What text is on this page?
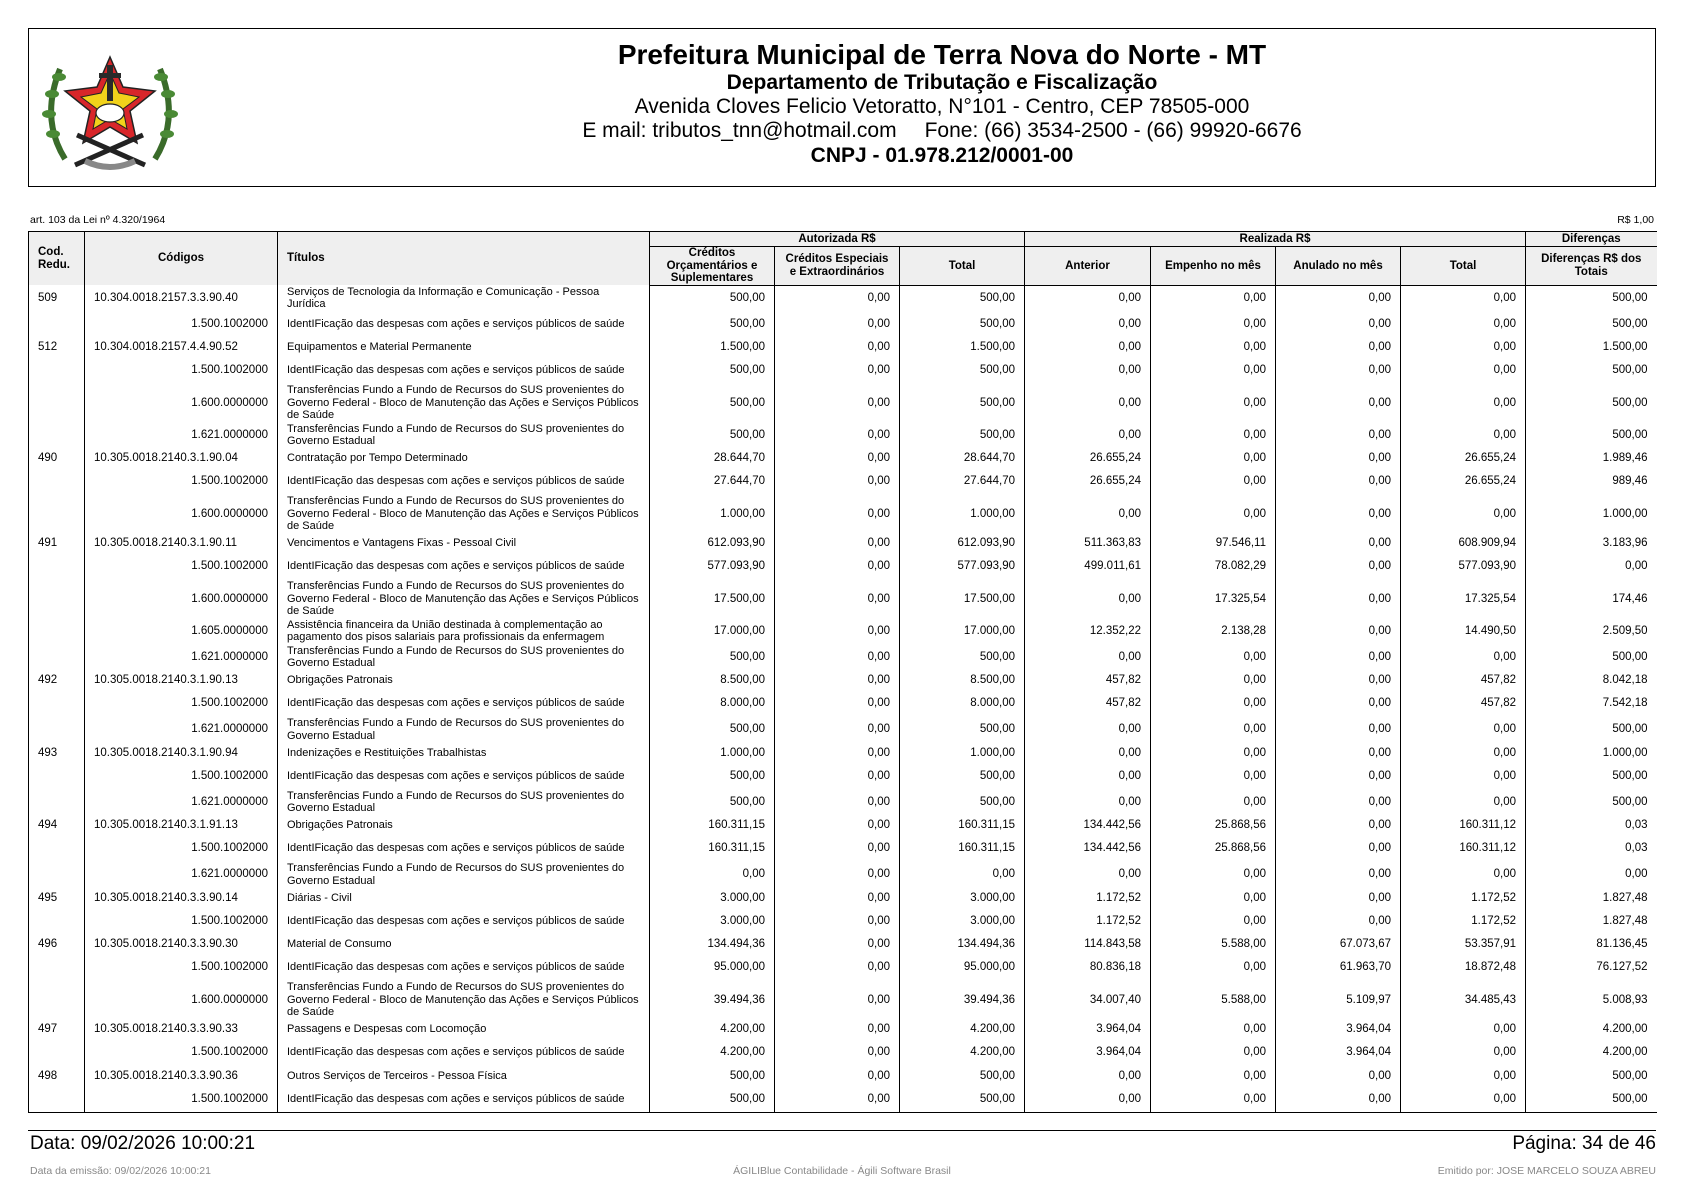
Prefeitura Municipal de Terra Nova do Norte - MT
Departamento de Tributação e Fiscalização
Avenida Cloves Felicio Vetoratto, N°101 - Centro, CEP 78505-000
E mail: tributos_tnn@hotmail.com Fone: (66) 3534-2500 - (66) 99920-6676
CNPJ - 01.978.212/0001-00
art. 103 da Lei nº 4.320/1964	R$ 1,00
Cod. Redu.	Códigos	Títulos	Autorizada R$			Realizada R$				Diferenças
			Créditos Orçamentários e Suplementares	Créditos Especiais e Extraordinários	Total	Anterior	Empenho no mês	Anulado no mês	Total	Diferenças R$ dos Totais
509	10.304.0018.2157.3.3.90.40	Serviços de Tecnologia da Informação e Comunicação - Pessoa Jurídica	500,00	0,00	500,00	0,00	0,00	0,00	0,00	500,00
	1.500.1002000	IdentIFicação das despesas com ações e serviços públicos de saúde	500,00	0,00	500,00	0,00	0,00	0,00	0,00	500,00
512	10.304.0018.2157.4.4.90.52	Equipamentos e Material Permanente	1.500,00	0,00	1.500,00	0,00	0,00	0,00	0,00	1.500,00
	1.500.1002000	IdentIFicação das despesas com ações e serviços públicos de saúde	500,00	0,00	500,00	0,00	0,00	0,00	0,00	500,00
	1.600.0000000	Transferências Fundo a Fundo de Recursos do SUS provenientes do Governo Federal - Bloco de Manutenção das Ações e Serviços Públicos de Saúde	500,00	0,00	500,00	0,00	0,00	0,00	0,00	500,00
	1.621.0000000	Transferências Fundo a Fundo de Recursos do SUS provenientes do Governo Estadual	500,00	0,00	500,00	0,00	0,00	0,00	0,00	500,00
490	10.305.0018.2140.3.1.90.04	Contratação por Tempo Determinado	28.644,70	0,00	28.644,70	26.655,24	0,00	0,00	26.655,24	1.989,46
	1.500.1002000	IdentIFicação das despesas com ações e serviços públicos de saúde	27.644,70	0,00	27.644,70	26.655,24	0,00	0,00	26.655,24	989,46
	1.600.0000000	Transferências Fundo a Fundo de Recursos do SUS provenientes do Governo Federal - Bloco de Manutenção das Ações e Serviços Públicos de Saúde	1.000,00	0,00	1.000,00	0,00	0,00	0,00	0,00	1.000,00
491	10.305.0018.2140.3.1.90.11	Vencimentos e Vantagens Fixas - Pessoal Civil	612.093,90	0,00	612.093,90	511.363,83	97.546,11	0,00	608.909,94	3.183,96
	1.500.1002000	IdentIFicação das despesas com ações e serviços públicos de saúde	577.093,90	0,00	577.093,90	499.011,61	78.082,29	0,00	577.093,90	0,00
	1.600.0000000	Transferências Fundo a Fundo de Recursos do SUS provenientes do Governo Federal - Bloco de Manutenção das Ações e Serviços Públicos de Saúde	17.500,00	0,00	17.500,00	0,00	17.325,54	0,00	17.325,54	174,46
	1.605.0000000	Assistência financeira da União destinada à complementação ao pagamento dos pisos salariais para profissionais da enfermagem	17.000,00	0,00	17.000,00	12.352,22	2.138,28	0,00	14.490,50	2.509,50
	1.621.0000000	Transferências Fundo a Fundo de Recursos do SUS provenientes do Governo Estadual	500,00	0,00	500,00	0,00	0,00	0,00	0,00	500,00
492	10.305.0018.2140.3.1.90.13	Obrigações Patronais	8.500,00	0,00	8.500,00	457,82	0,00	0,00	457,82	8.042,18
	1.500.1002000	IdentIFicação das despesas com ações e serviços públicos de saúde	8.000,00	0,00	8.000,00	457,82	0,00	0,00	457,82	7.542,18
	1.621.0000000	Transferências Fundo a Fundo de Recursos do SUS provenientes do Governo Estadual	500,00	0,00	500,00	0,00	0,00	0,00	0,00	500,00
493	10.305.0018.2140.3.1.90.94	Indenizações e Restituições Trabalhistas	1.000,00	0,00	1.000,00	0,00	0,00	0,00	0,00	1.000,00
	1.500.1002000	IdentIFicação das despesas com ações e serviços públicos de saúde	500,00	0,00	500,00	0,00	0,00	0,00	0,00	500,00
	1.621.0000000	Transferências Fundo a Fundo de Recursos do SUS provenientes do Governo Estadual	500,00	0,00	500,00	0,00	0,00	0,00	0,00	500,00
494	10.305.0018.2140.3.1.91.13	Obrigações Patronais	160.311,15	0,00	160.311,15	134.442,56	25.868,56	0,00	160.311,12	0,03
	1.500.1002000	IdentIFicação das despesas com ações e serviços públicos de saúde	160.311,15	0,00	160.311,15	134.442,56	25.868,56	0,00	160.311,12	0,03
	1.621.0000000	Transferências Fundo a Fundo de Recursos do SUS provenientes do Governo Estadual	0,00	0,00	0,00	0,00	0,00	0,00	0,00	0,00
495	10.305.0018.2140.3.3.90.14	Diárias - Civil	3.000,00	0,00	3.000,00	1.172,52	0,00	0,00	1.172,52	1.827,48
	1.500.1002000	IdentIFicação das despesas com ações e serviços públicos de saúde	3.000,00	0,00	3.000,00	1.172,52	0,00	0,00	1.172,52	1.827,48
496	10.305.0018.2140.3.3.90.30	Material de Consumo	134.494,36	0,00	134.494,36	114.843,58	5.588,00	67.073,67	53.357,91	81.136,45
	1.500.1002000	IdentIFicação das despesas com ações e serviços públicos de saúde	95.000,00	0,00	95.000,00	80.836,18	0,00	61.963,70	18.872,48	76.127,52
	1.600.0000000	Transferências Fundo a Fundo de Recursos do SUS provenientes do Governo Federal - Bloco de Manutenção das Ações e Serviços Públicos de Saúde	39.494,36	0,00	39.494,36	34.007,40	5.588,00	5.109,97	34.485,43	5.008,93
497	10.305.0018.2140.3.3.90.33	Passagens e Despesas com Locomoção	4.200,00	0,00	4.200,00	3.964,04	0,00	3.964,04	0,00	4.200,00
	1.500.1002000	IdentIFicação das despesas com ações e serviços públicos de saúde	4.200,00	0,00	4.200,00	3.964,04	0,00	3.964,04	0,00	4.200,00
498	10.305.0018.2140.3.3.90.36	Outros Serviços de Terceiros - Pessoa Física	500,00	0,00	500,00	0,00	0,00	0,00	0,00	500,00
	1.500.1002000	IdentIFicação das despesas com ações e serviços públicos de saúde	500,00	0,00	500,00	0,00	0,00	0,00	0,00	500,00
Data: 09/02/2026 10:00:21	Página: 34 de 46
Data da emissão: 09/02/2026 10:00:21	ÁGILIBlue Contabilidade - Ágili Software Brasil	Emitido por: JOSE MARCELO SOUZA ABREU
